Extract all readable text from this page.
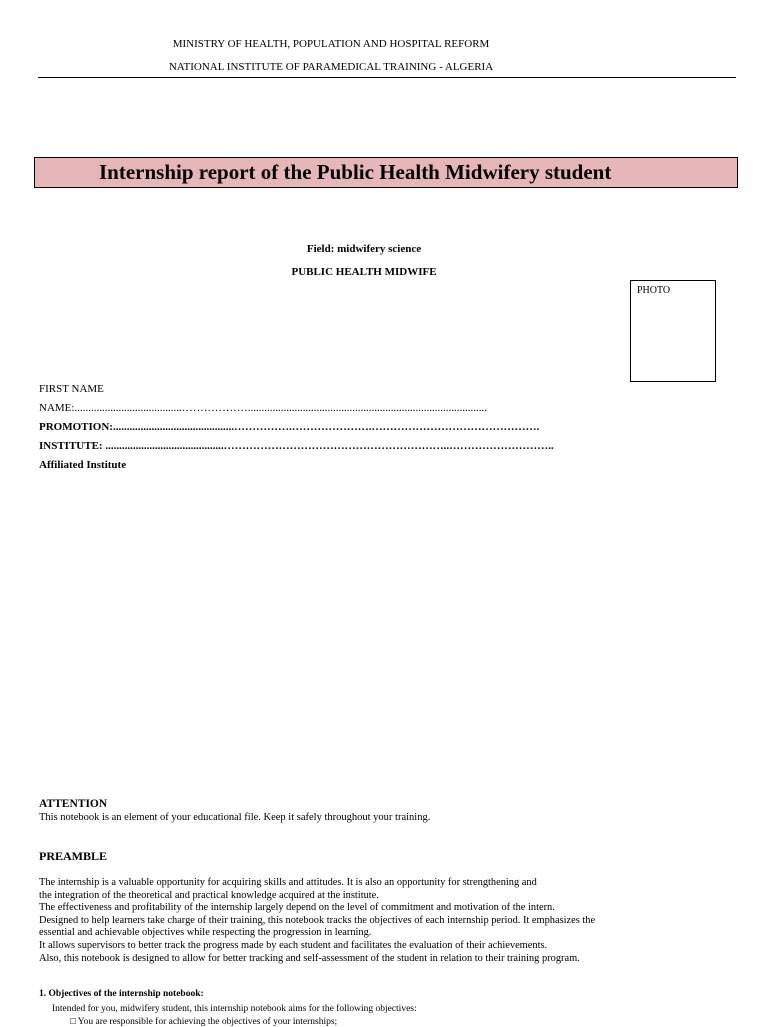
MINISTRY OF HEALTH, POPULATION AND HOSPITAL REFORM
NATIONAL INSTITUTE OF PARAMEDICAL TRAINING - ALGERIA
Internship report of the Public Health Midwifery student
Field: midwifery science
PUBLIC HEALTH MIDWIFE
PHOTO
FIRST NAME
NAME:.......................................……………….......................................................................................
PROMOTION:............................................…………….………………….……………………………………….
INSTITUTE: ...........................................……………………………………………………..………………………..
Affiliated Institute
ATTENTION
This notebook is an element of your educational file. Keep it safely throughout your training.
PREAMBLE
The internship is a valuable opportunity for acquiring skills and attitudes. It is also an opportunity for strengthening and
the integration of the theoretical and practical knowledge acquired at the institute.
The effectiveness and profitability of the internship largely depend on the level of commitment and motivation of the intern.
Designed to help learners take charge of their training, this notebook tracks the objectives of each internship period. It emphasizes the
essential and achievable objectives while respecting the progression in learning.
It allows supervisors to better track the progress made by each student and facilitates the evaluation of their achievements.
Also, this notebook is designed to allow for better tracking and self-assessment of the student in relation to their training program.
1. Objectives of the internship notebook:
Intended for you, midwifery student, this internship notebook aims for the following objectives:
□ You are responsible for achieving the objectives of your internships;
